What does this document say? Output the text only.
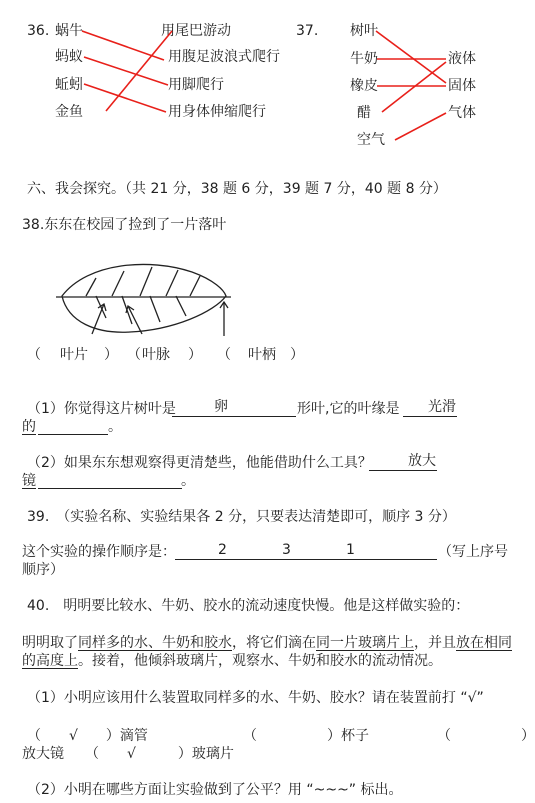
36. 蜗牛
蚂蚁
蚯蚓
金鱼
用尾巴游动
用腹足波浪式爬行
用脚爬行
用身体伸缩爬行
37. 树叶
牛奶
橡皮
醋
空气
液体
固体
气体
六、我会探究。（共 21 分，38 题 6 分，39 题 7 分，40 题 8 分）
38.东东在校园了捡到了一片落叶
（ 叶片 ） （ 叶脉 ） （ 叶柄 ）
（1）你觉得这片树叶是	卵	形叶,它的叶缘是 光滑
的	。
（2）如果东东想观察得更清楚些，他能借助什么工具？	放大
镜	。
39.　（实验名称、实验结果各 2 分，只要表达清楚即可，顺序 3 分）
这个实验的操作顺序是：	2	3	1	（写上序号
顺序）
40.　明明要比较水、牛奶、胶水的流动速度快慢。他是这样做实验的：
明明取了同样多的水、牛奶和胶水，将它们滴在同一片玻璃片上，并且放在相同
的高度上。接着，他倾斜玻璃片，观察水、牛奶和胶水的流动情况。
（1）小明应该用什么装置取同样多的水、牛奶、胶水？请在装置前打 “√”
（　　√　　）滴管	（　　　　　）杯子	（　　　　　）
放大镜　　（　　√　　　）玻璃片
（2）小明在哪些方面让实验做到了公平？用 “~~~” 标出。
